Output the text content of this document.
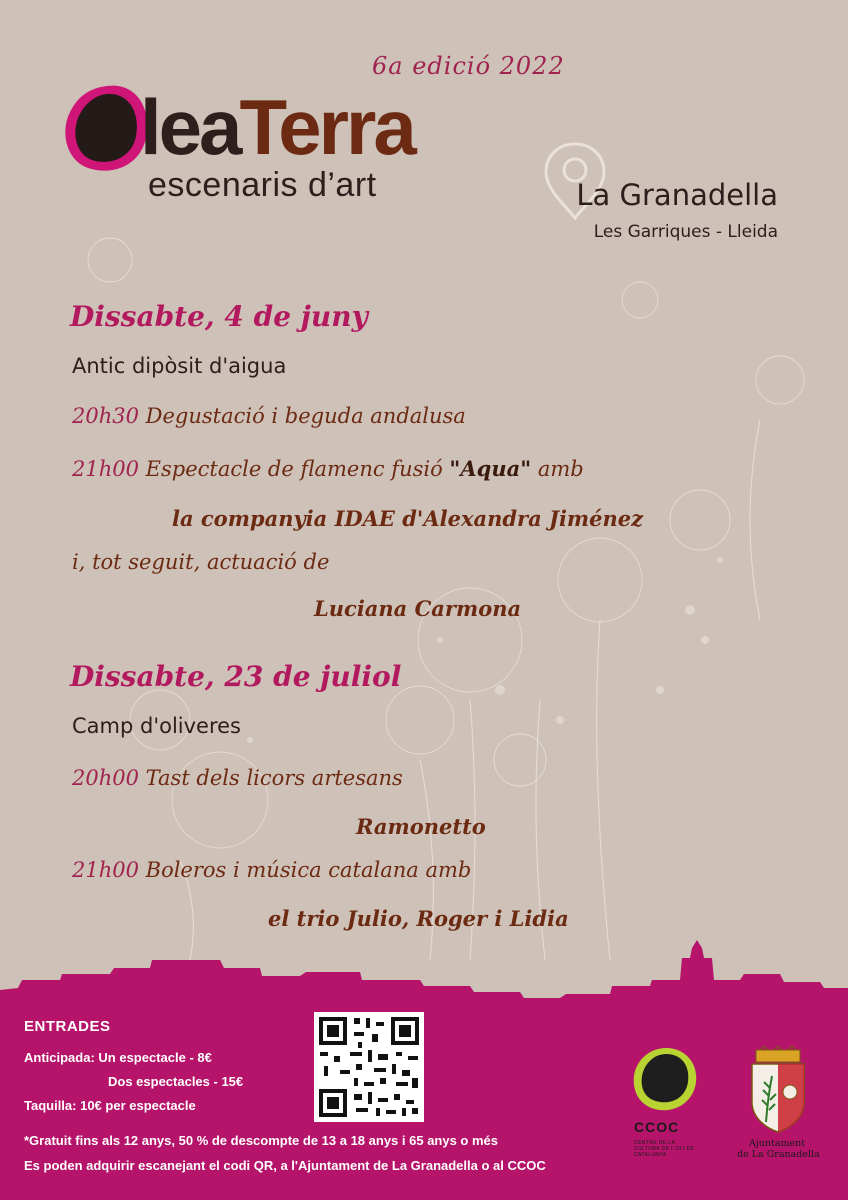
6a edició 2022
leaTerra
escenaris d’art	La Granadella
Les Garriques - Lleida
Dissabte, 4 de juny
Antic dipòsit d'aigua
20h30 Degustació i beguda andalusa
21h00 Espectacle de flamenc fusió "Aqua" amb
la companyia IDAE d'Alexandra Jiménez
i, tot seguit, actuació de
Luciana Carmona
Dissabte, 23 de juliol
Camp d'oliveres
20h00 Tast dels licors artesans
Ramonetto
21h00 Boleros i música catalana amb
el trio Julio, Roger i Lidia
ENTRADES
Anticipada: Un espectacle - 8€
Dos espectacles - 15€
Taquilla: 10€ per espectacle
*Gratuit fins als 12 anys, 50 % de descompte de 13 a 18 anys i 65 anys o més
Es poden adquirir escanejant el codi QR, a l'Ajuntament de La Granadella o al CCOC
CCOC
CENTRE DE LA
CULTURA DE L'OLI DE
CATALUNYA
Ajuntament
de La Granadella
